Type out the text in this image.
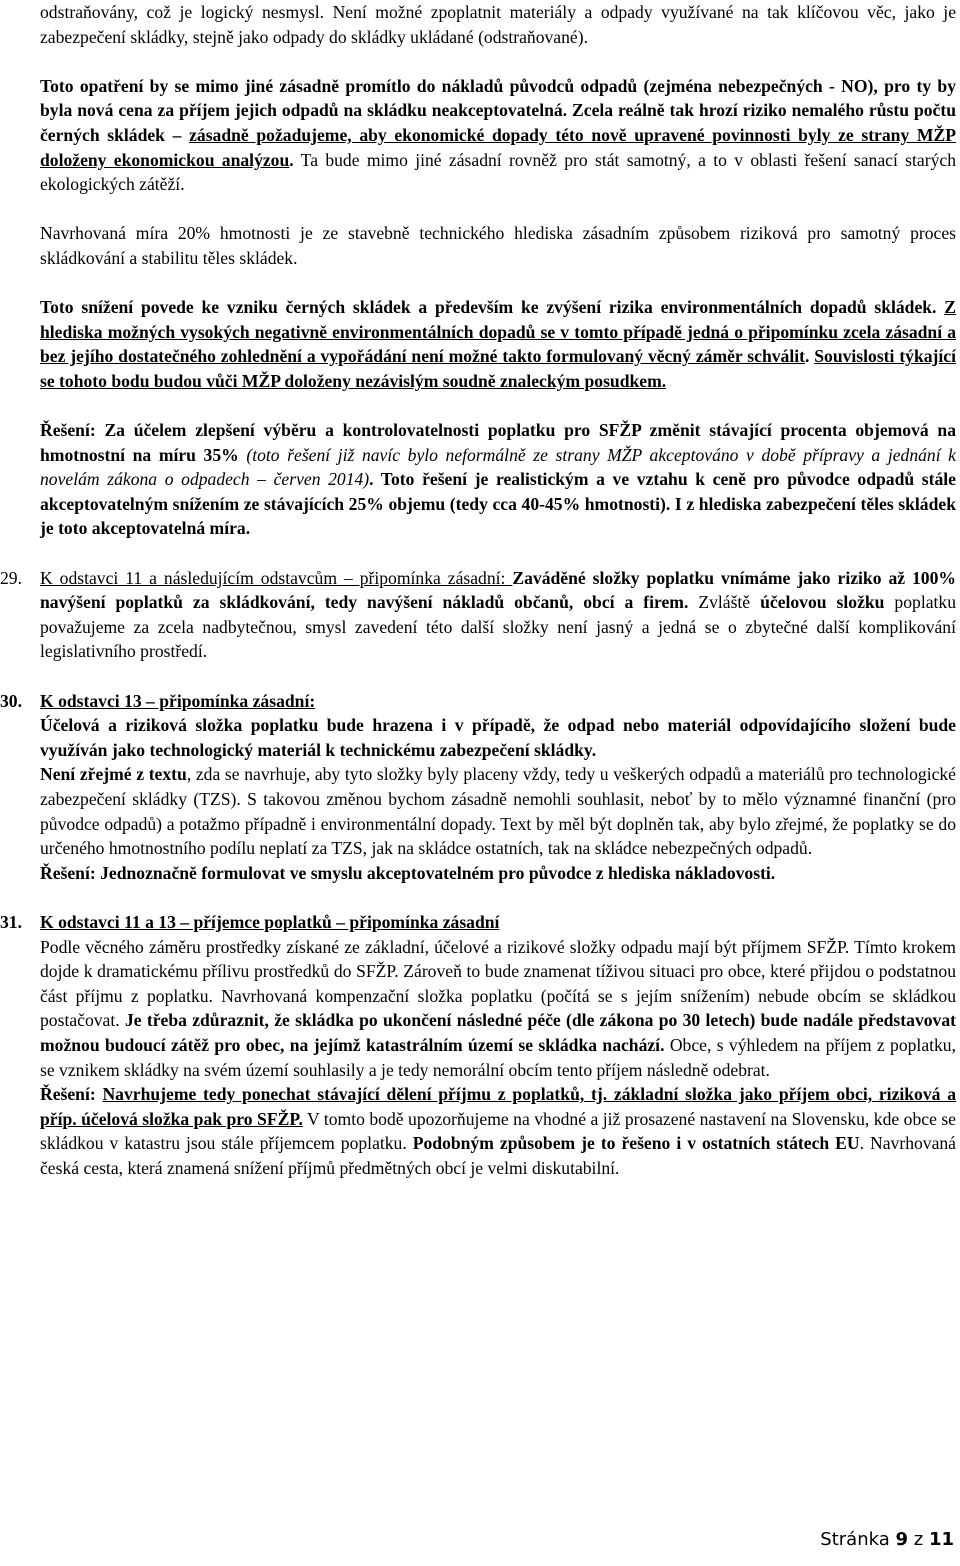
odstraňovány, což je logický nesmysl. Není možné zpoplatnit materiály a odpady využívané na tak klíčovou věc, jako je zabezpečení skládky, stejně jako odpady do skládky ukládané (odstraňované).

Toto opatření by se mimo jiné zásadně promítlo do nákladů původců odpadů (zejména nebezpečných - NO), pro ty by byla nová cena za příjem jejich odpadů na skládku neakceptovatelná. Zcela reálně tak hrozí riziko nemalého růstu počtu černých skládek – zásadně požadujeme, aby ekonomické dopady této nově upravené povinnosti byly ze strany MŽP doloženy ekonomickou analýzou. Ta bude mimo jiné zásadní rovněž pro stát samotný, a to v oblasti řešení sanací starých ekologických zátěží.

Navrhovaná míra 20% hmotnosti je ze stavebně technického hlediska zásadním způsobem riziková pro samotný proces skládkování a stabilitu těles skládek.

Toto snížení povede ke vzniku černých skládek a především ke zvýšení rizika environmentálních dopadů skládek. Z hlediska možných vysokých negativně environmentálních dopadů se v tomto případě jedná o připomínku zcela zásadní a bez jejího dostatečného zohlednění a vypořádání není možné takto formulovaný věcný záměr schválit. Souvislosti týkající se tohoto bodu budou vůči MŽP doloženy nezávislým soudně znaleckým posudkem.

Řešení: Za účelem zlepšení výběru a kontrolovatelnosti poplatku pro SFŽP změnit stávající procenta objemová na hmotnostní na míru 35% (toto řešení již navíc bylo neformálně ze strany MŽP akceptováno v době přípravy a jednání k novelám zákona o odpadech – červen 2014). Toto řešení je realistickým a ve vztahu k ceně pro původce odpadů stále akceptovatelným snížením ze stávajících 25% objemu (tedy cca 40-45% hmotnosti). I z hlediska zabezpečení těles skládek je toto akceptovatelná míra.

29.	K odstavci 11 a následujícím odstavcům – připomínka zásadní: Zaváděné složky poplatku vnímáme jako riziko až 100% navýšení poplatků za skládkování, tedy navýšení nákladů občanů, obcí a firem. Zvláště účelovou složku poplatku považujeme za zcela nadbytečnou, smysl zavedení této další složky není jasný a jedná se o zbytečné další komplikování legislativního prostředí.

30.	K odstavci 13 – připomínka zásadní:

Účelová a riziková složka poplatku bude hrazena i v případě, že odpad nebo materiál odpovídajícího složení bude využíván jako technologický materiál k technickému zabezpečení skládky.

Není zřejmé z textu, zda se navrhuje, aby tyto složky byly placeny vždy, tedy u veškerých odpadů a materiálů pro technologické zabezpečení skládky (TZS). S takovou změnou bychom zásadně nemohli souhlasit, neboť by to mělo významné finanční (pro původce odpadů) a potažmo případně i environmentální dopady. Text by měl být doplněn tak, aby bylo zřejmé, že poplatky se do určeného hmotnostního podílu neplatí za TZS, jak na skládce ostatních, tak na skládce nebezpečných odpadů.

Řešení: Jednoznačně formulovat ve smyslu akceptovatelném pro původce z hlediska nákladovosti.

31.	K odstavci 11 a 13 – příjemce poplatků – připomínka zásadní

Podle věcného záměru prostředky získané ze základní, účelové a rizikové složky odpadu mají být příjmem SFŽP. Tímto krokem dojde k dramatickému přílivu prostředků do SFŽP. Zároveň to bude znamenat tíživou situaci pro obce, které přijdou o podstatnou část příjmu z poplatku. Navrhovaná kompenzační složka poplatku (počítá se s jejím snížením) nebude obcím se skládkou postačovat. Je třeba zdůraznit, že skládka po ukončení následné péče (dle zákona po 30 letech) bude nadále představovat možnou budoucí zátěž pro obec, na jejímž katastrálním území se skládka nachází. Obce, s výhledem na příjem z poplatku, se vznikem skládky na svém území souhlasily a je tedy nemorální obcím tento příjem následně odebrat.

Řešení: Navrhujeme tedy ponechat stávající dělení příjmu z poplatků, tj. základní složka jako příjem obci, riziková a příp. účelová složka pak pro SFŽP. V tomto bodě upozorňujeme na vhodné a již prosazené nastavení na Slovensku, kde obce se skládkou v katastru jsou stále příjemcem poplatku. Podobným způsobem je to řešeno i v ostatních státech EU. Navrhovaná česká cesta, která znamená snížení příjmů předmětných obcí je velmi diskutabilní.

Stránka 9 z 11
